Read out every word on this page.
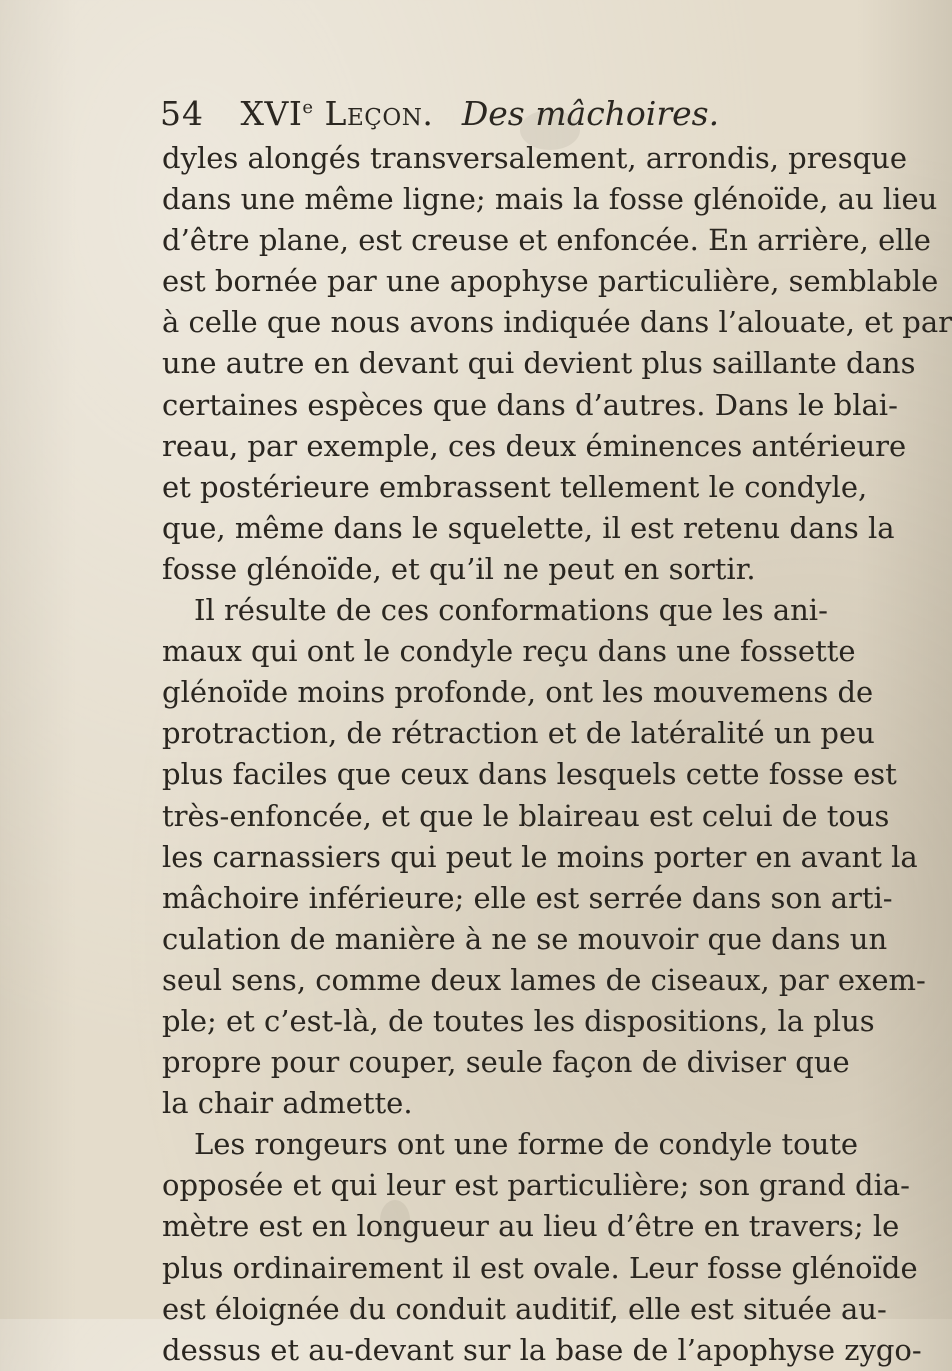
54 XVIe Leçon. Des mâchoires.
dyles alongés transversalement, arrondis, presque
dans une même ligne; mais la fosse glénoïde, au lieu
d’être plane, est creuse et enfoncée. En arrière, elle
est bornée par une apophyse particulière, semblable
à celle que nous avons indiquée dans l’alouate, et par
une autre en devant qui devient plus saillante dans
certaines espèces que dans d’autres. Dans le blai-
reau, par exemple, ces deux éminences antérieure
et postérieure embrassent tellement le condyle,
que, même dans le squelette, il est retenu dans la
fosse glénoïde, et qu’il ne peut en sortir.
Il résulte de ces conformations que les ani-
maux qui ont le condyle reçu dans une fossette
glénoïde moins profonde, ont les mouvemens de
protraction, de rétraction et de latéralité un peu
plus faciles que ceux dans lesquels cette fosse est
très-enfoncée, et que le blaireau est celui de tous
les carnassiers qui peut le moins porter en avant la
mâchoire inférieure; elle est serrée dans son arti-
culation de manière à ne se mouvoir que dans un
seul sens, comme deux lames de ciseaux, par exem-
ple; et c’est-là, de toutes les dispositions, la plus
propre pour couper, seule façon de diviser que
la chair admette.
Les rongeurs ont une forme de condyle toute
opposée et qui leur est particulière; son grand dia-
mètre est en longueur au lieu d’être en travers; le
plus ordinairement il est ovale. Leur fosse glénoïde
est éloignée du conduit auditif, elle est située au-
dessus et au-devant sur la base de l’apophyse zygo-
